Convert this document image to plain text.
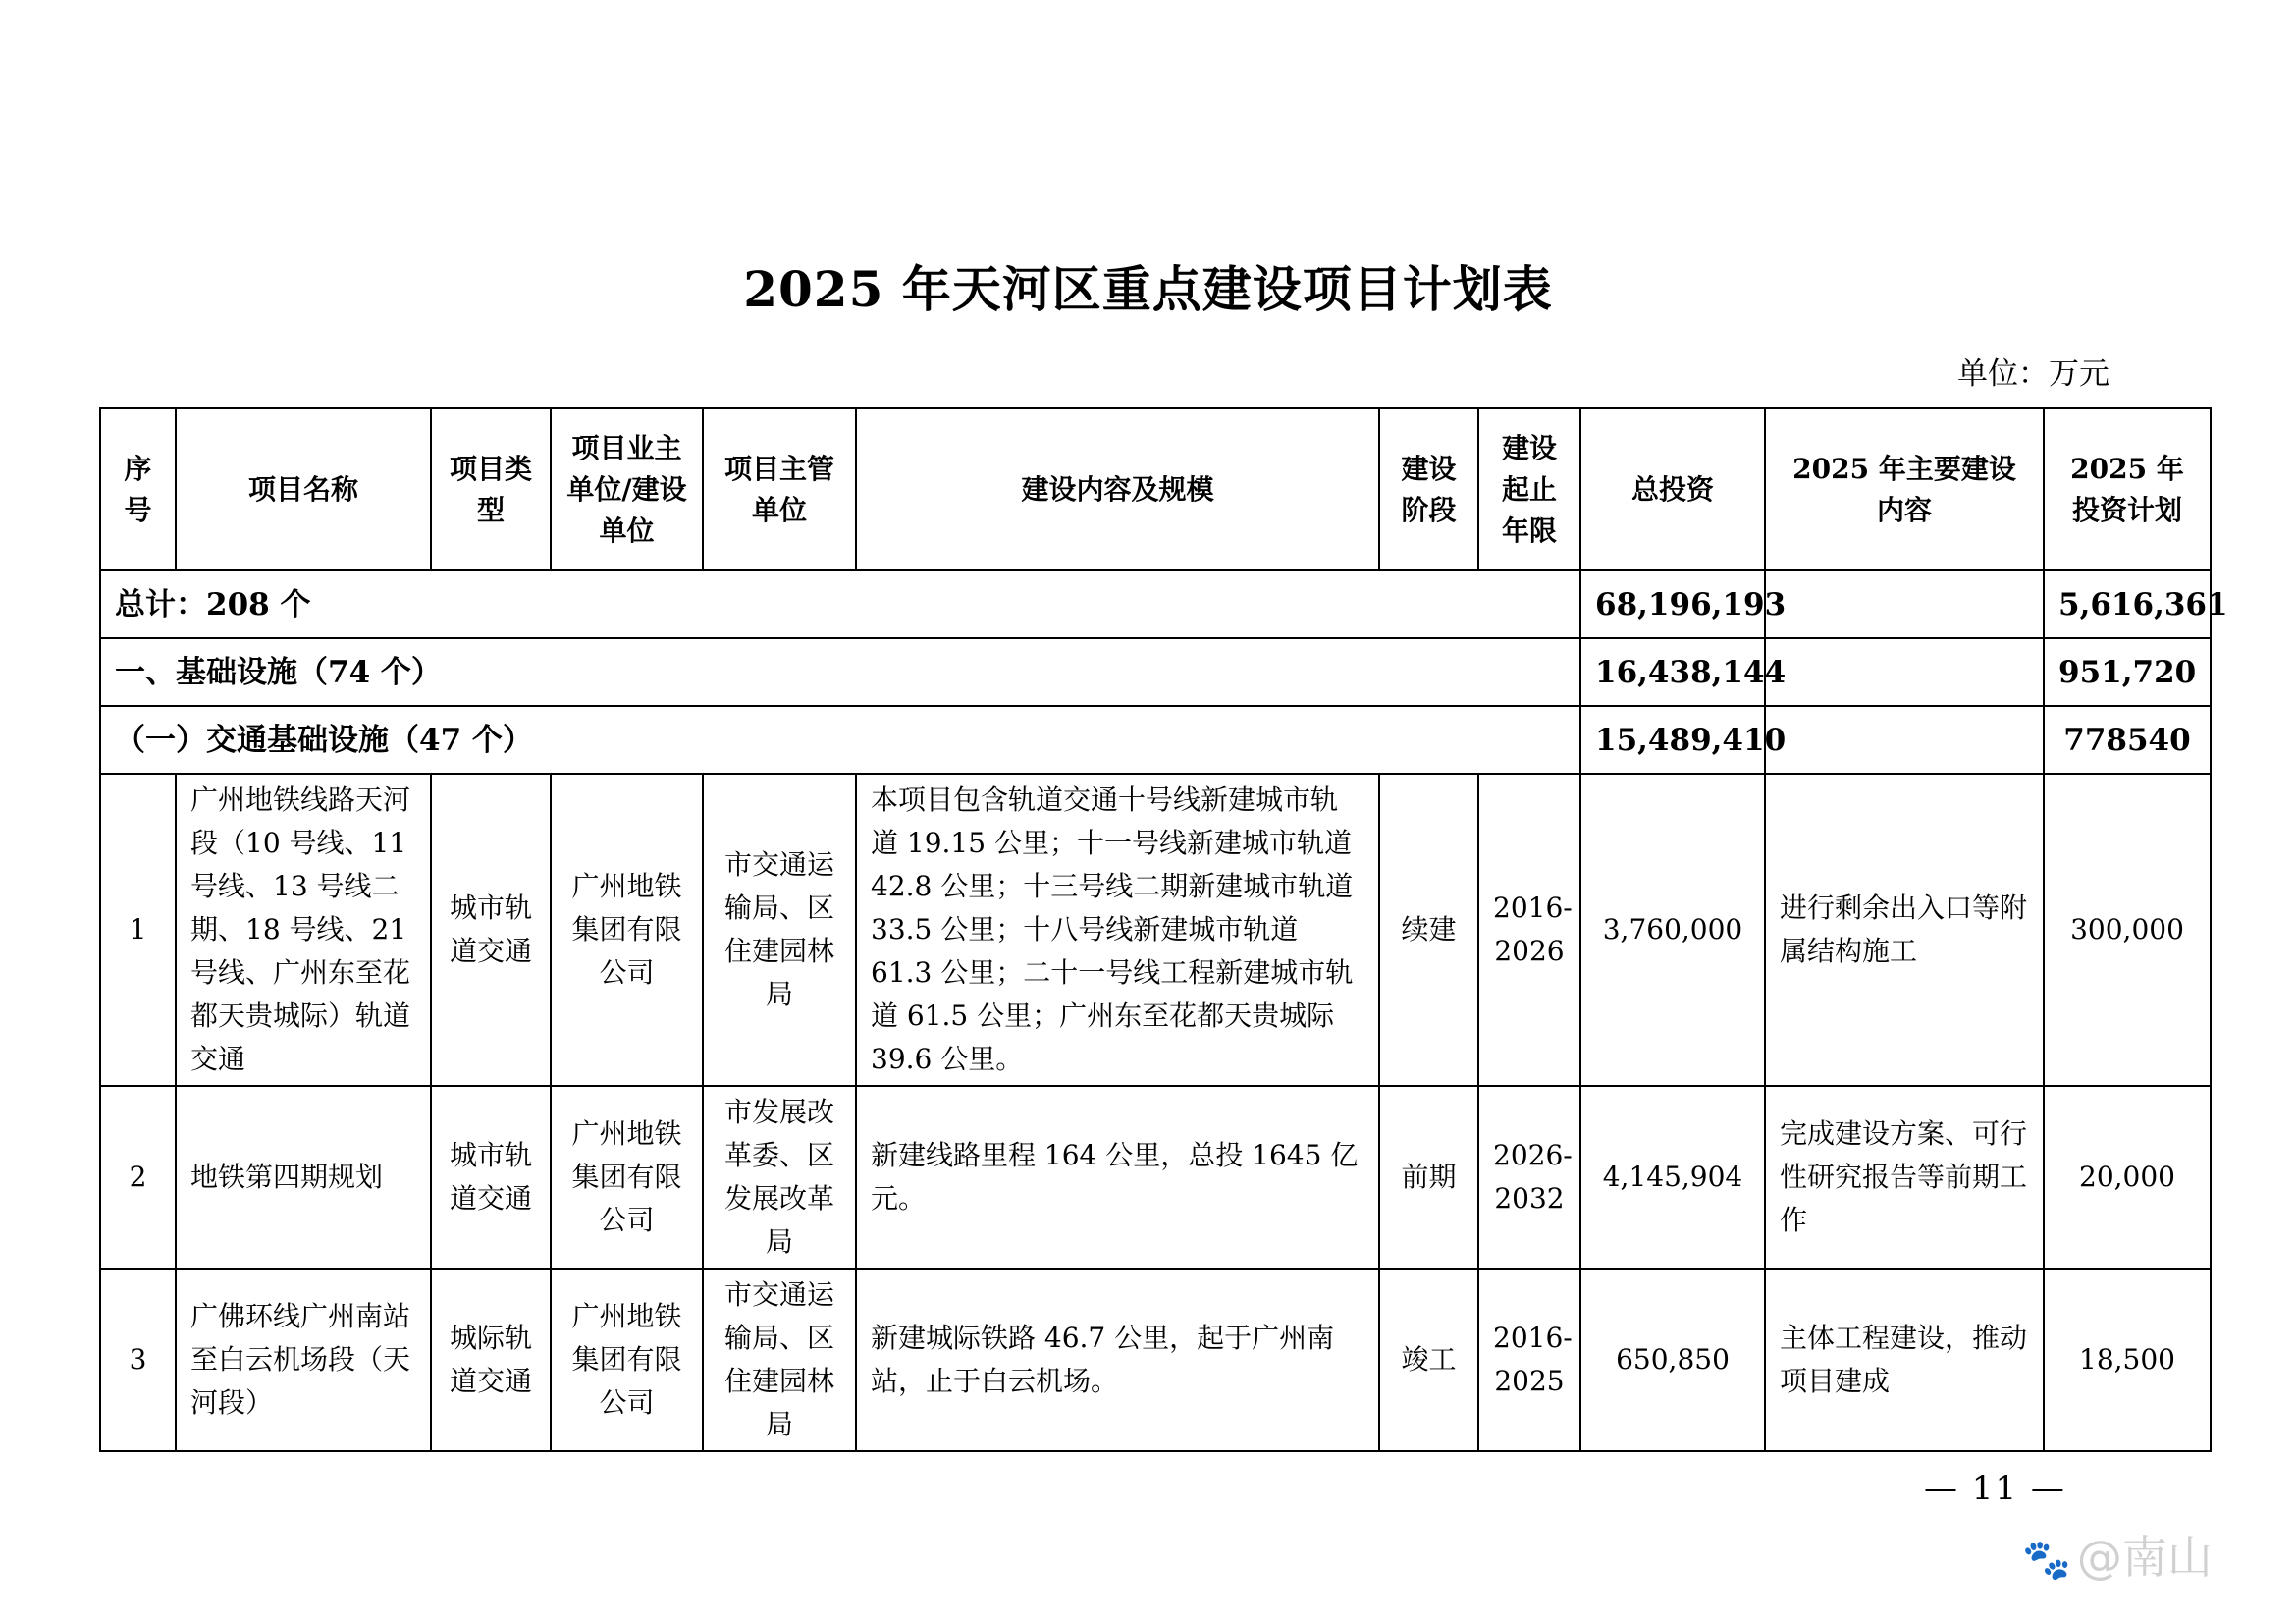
2025 年天河区重点建设项目计划表
单位：万元
序号	项目名称	项目类型	项目业主单位/建设单位	项目主管单位	建设内容及规模	建设阶段	建设起止年限	总投资	2025 年主要建设内容	2025 年投资计划
总计：208 个								68,196,193		5,616,361
一、基础设施（74 个）								16,438,144		951,720
（一）交通基础设施（47 个）								15,489,410		778540
1	广州地铁线路天河段（10 号线、11 号线、13 号线二期、18 号线、21 号线、广州东至花都天贵城际）轨道交通	城市轨道交通	广州地铁集团有限公司	市交通运输局、区住建园林局	本项目包含轨道交通十号线新建城市轨道 19.15 公里；十一号线新建城市轨道 42.8 公里；十三号线二期新建城市轨道 33.5 公里；十八号线新建城市轨道 61.3 公里；二十一号线工程新建城市轨道 61.5 公里；广州东至花都天贵城际 39.6 公里。	续建	2016-2026	3,760,000	进行剩余出入口等附属结构施工	300,000
2	地铁第四期规划	城市轨道交通	广州地铁集团有限公司	市发展改革委、区发展改革局	新建线路里程 164 公里，总投 1645 亿元。	前期	2026-2032	4,145,904	完成建设方案、可行性研究报告等前期工作	20,000
3	广佛环线广州南站至白云机场段（天河段）	城际轨道交通	广州地铁集团有限公司	市交通运输局、区住建园林局	新建城际铁路 46.7 公里，起于广州南站，止于白云机场。	竣工	2016-2025	650,850	主体工程建设，推动项目建成	18,500
— 11 —
🐾 @南山
